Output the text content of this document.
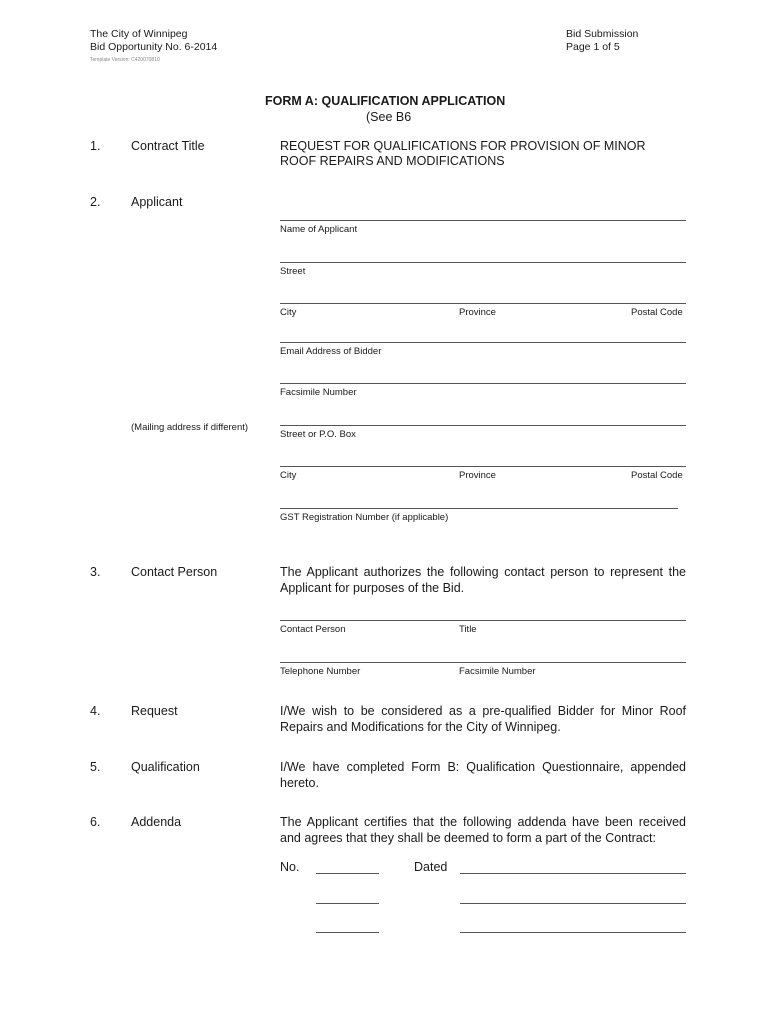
The City of Winnipeg
Bid Opportunity No. 6-2014
Template Version: C420070810
Bid Submission
Page 1 of 5
FORM A: QUALIFICATION APPLICATION
(See B6
1. Contract Title	REQUEST FOR QUALIFICATIONS FOR PROVISION OF MINOR
ROOF REPAIRS AND MODIFICATIONS
2. Applicant
Name of Applicant
Street
City	Province	Postal Code
Email Address of Bidder
Facsimile Number
(Mailing address if different)
Street or P.O. Box
City	Province	Postal Code
GST Registration Number (if applicable)
3. Contact Person	The Applicant authorizes the following contact person to represent the Applicant for purposes of the Bid.
Contact Person	Title
Telephone Number	Facsimile Number
4. Request	I/We wish to be considered as a pre-qualified Bidder for Minor Roof Repairs and Modifications for the City of Winnipeg.
5. Qualification	I/We have completed Form B: Qualification Questionnaire, appended hereto.
6. Addenda	The Applicant certifies that the following addenda have been received and agrees that they shall be deemed to form a part of the Contract:
No.	Dated
